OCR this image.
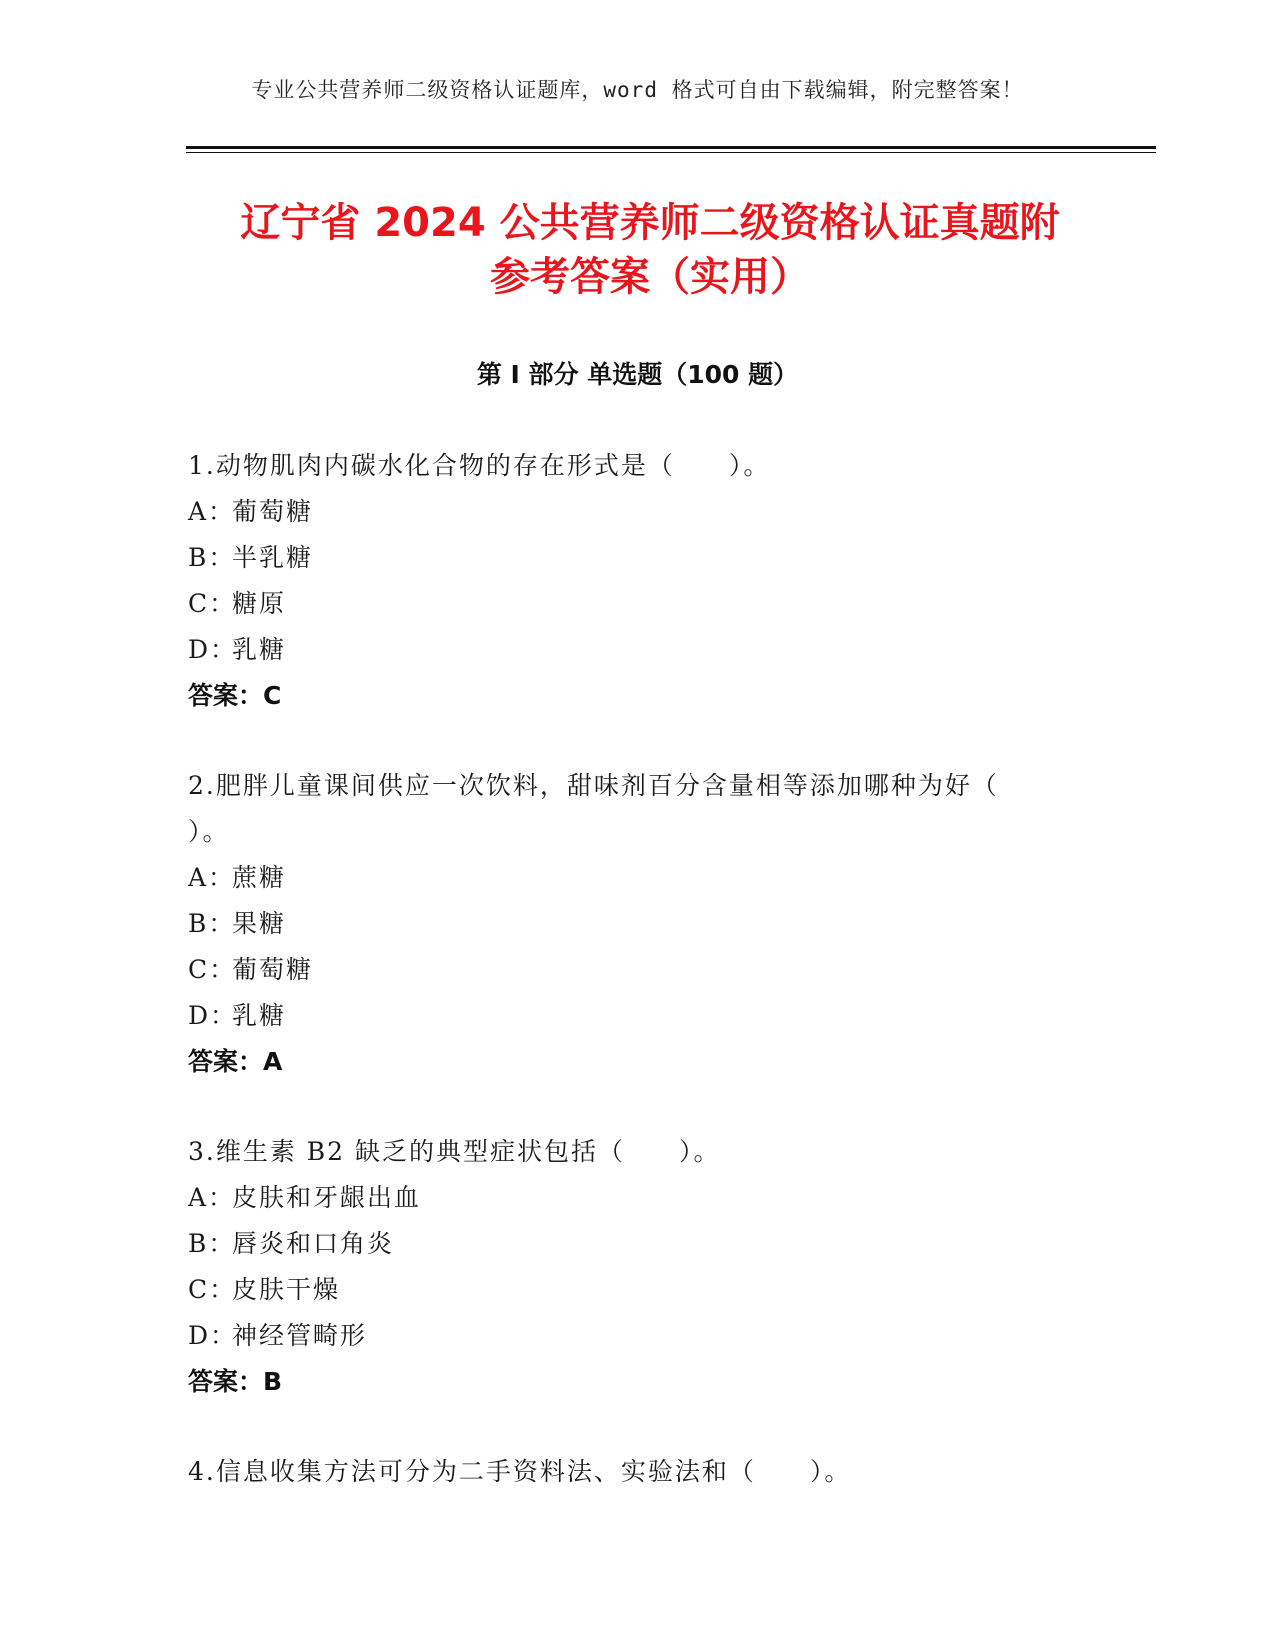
专业公共营养师二级资格认证题库，word 格式可自由下载编辑，附完整答案！
辽宁省 2024 公共营养师二级资格认证真题附
参考答案（实用）
第 I 部分 单选题（100 题）
1.动物肌肉内碳水化合物的存在形式是（　　）。
A：
葡萄糖
B：
半乳糖
C：
糖原
D：
乳糖
答案：C
2.肥胖儿童课间供应一次饮料，甜味剂百分含量相等添加哪种为好（　　）。
A：
蔗糖
B：
果糖
C：
葡萄糖
D：
乳糖
答案：A
3.维生素 B2 缺乏的典型症状包括（　　）。
A：
皮肤和牙龈出血
B：
唇炎和口角炎
C：
皮肤干燥
D：
神经管畸形
答案：B
4.信息收集方法可分为二手资料法、实验法和（　　）。
